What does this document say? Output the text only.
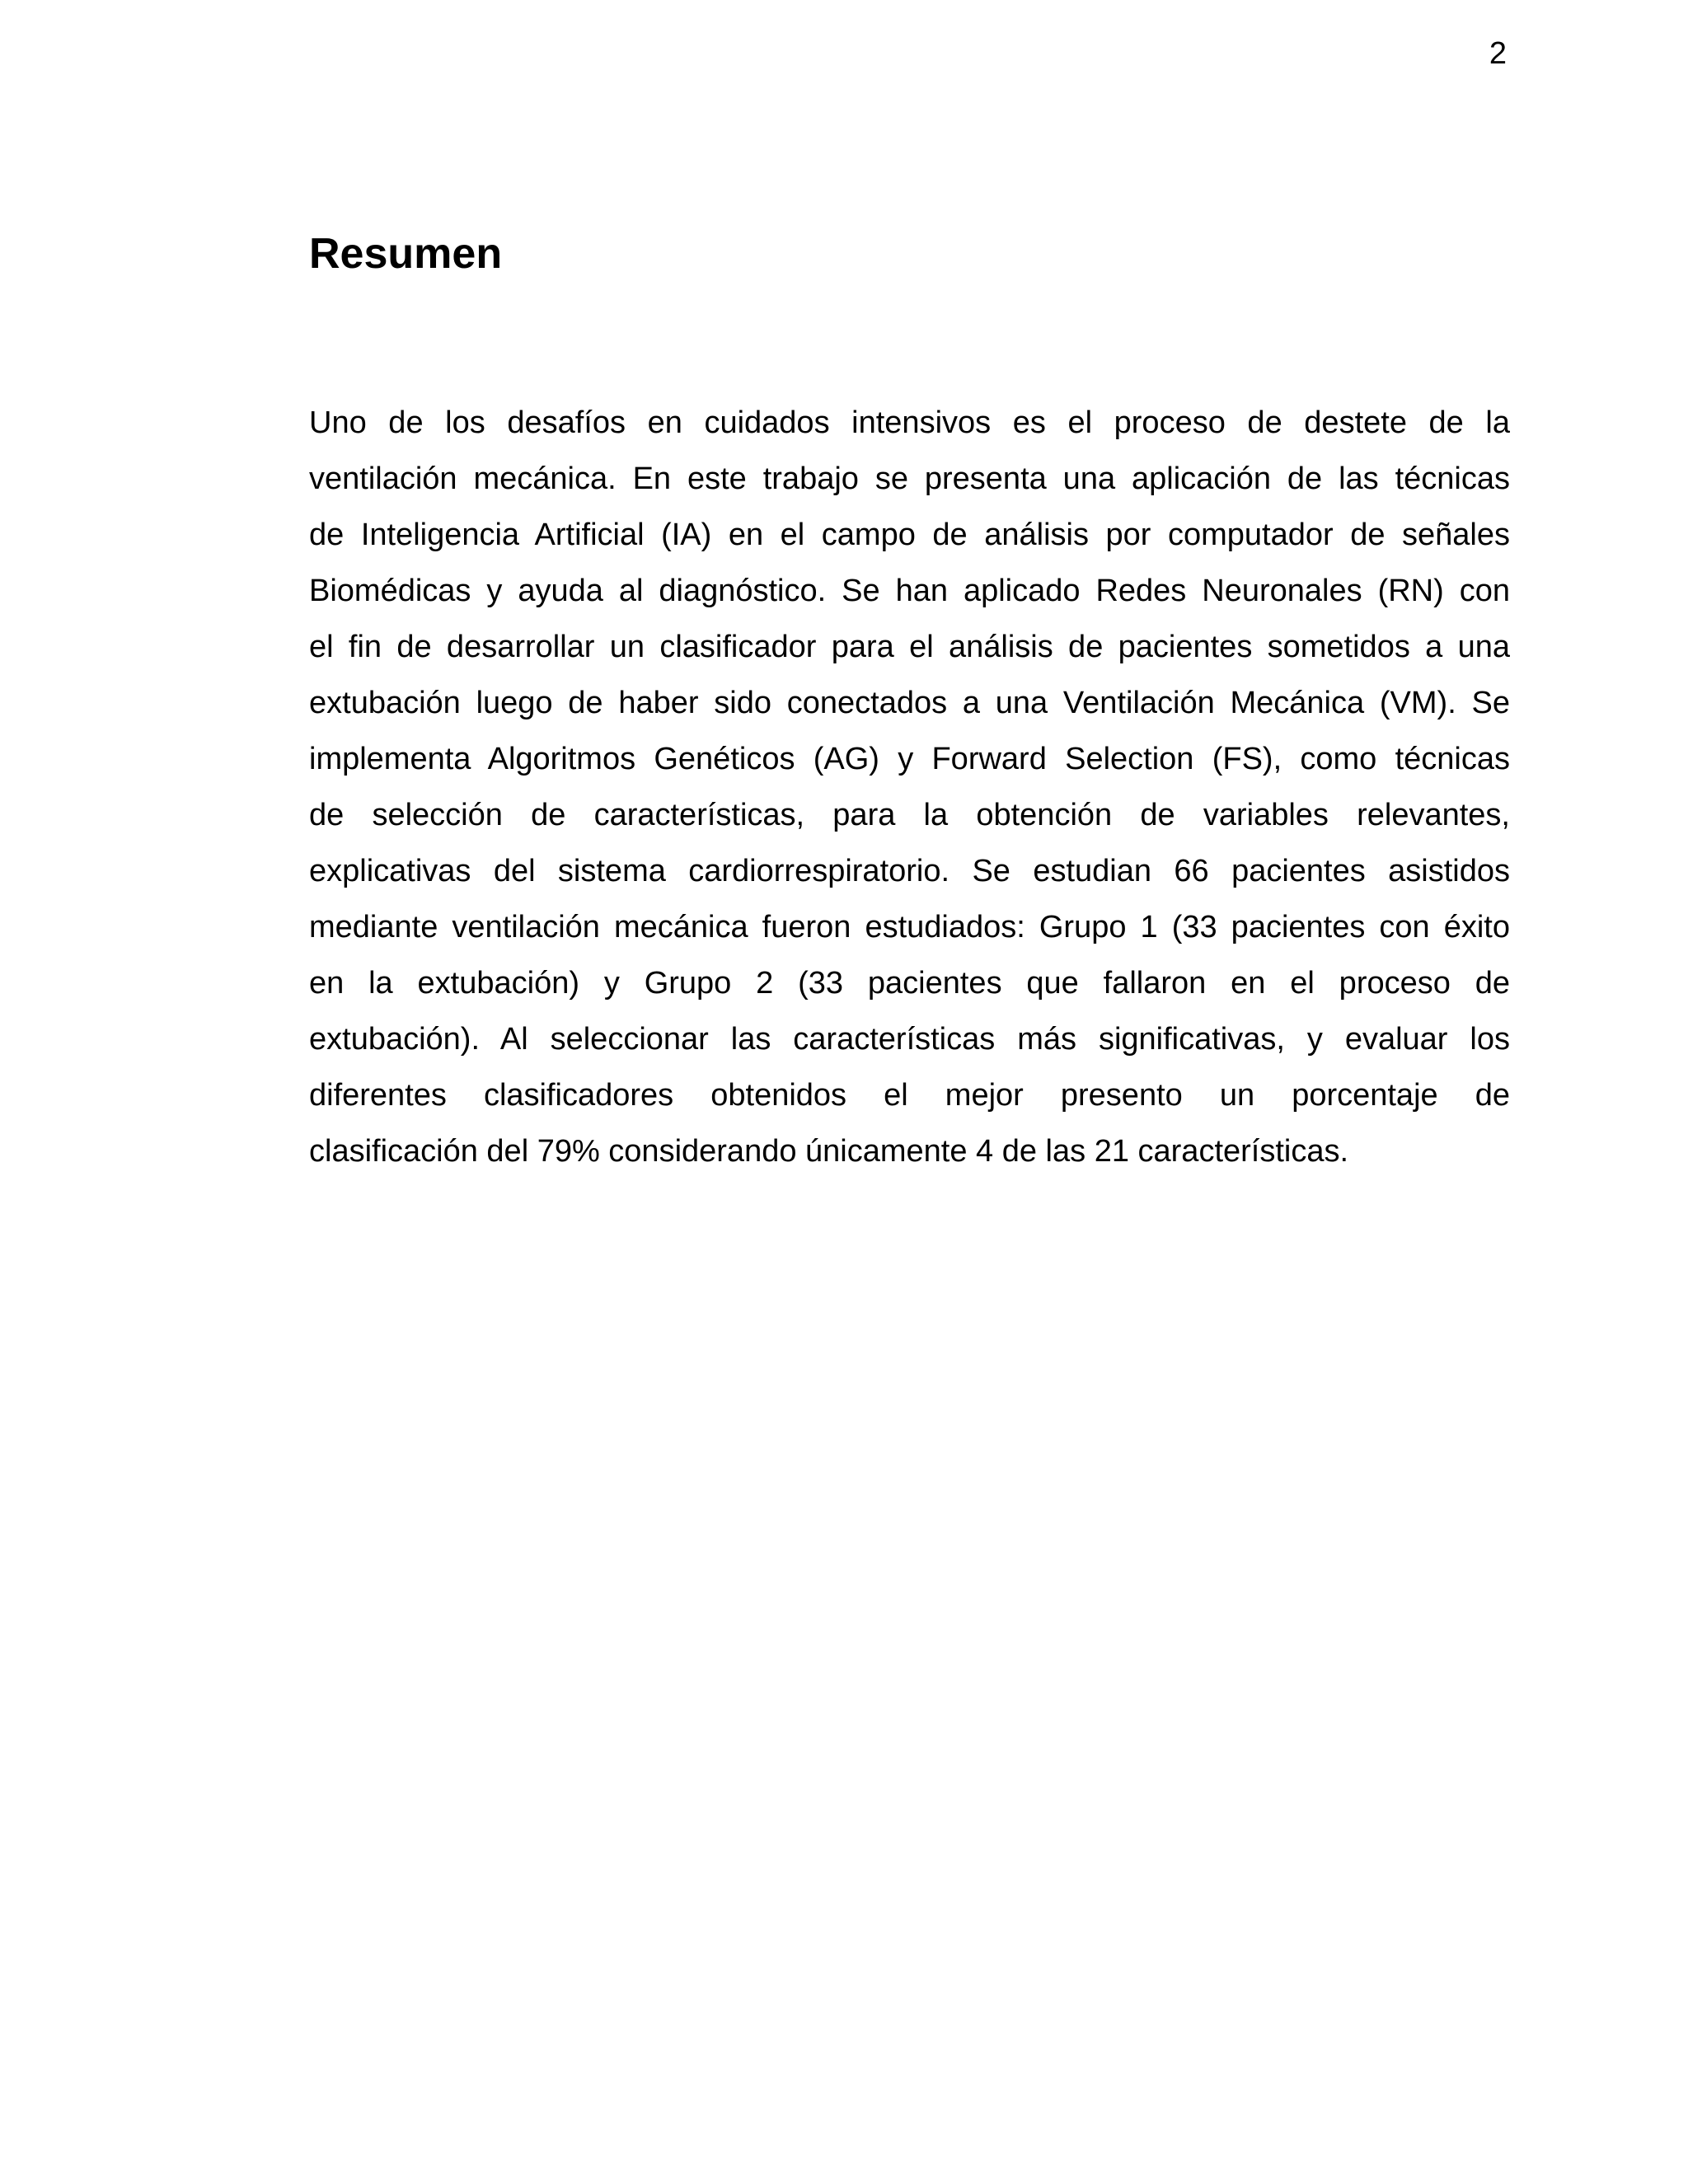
2
Resumen
Uno de los desafíos en cuidados intensivos es el proceso de destete de la
ventilación mecánica. En este trabajo se presenta una aplicación de las técnicas
de Inteligencia Artificial (IA) en el campo de análisis por computador de señales
Biomédicas y ayuda al diagnóstico. Se han aplicado Redes Neuronales (RN) con
el fin de desarrollar un clasificador para el análisis de pacientes sometidos a una
extubación luego de haber sido conectados a una Ventilación Mecánica (VM). Se
implementa Algoritmos Genéticos (AG) y Forward Selection (FS), como técnicas
de selección de características, para la obtención de variables relevantes,
explicativas del sistema cardiorrespiratorio. Se estudian 66 pacientes asistidos
mediante ventilación mecánica fueron estudiados: Grupo 1 (33 pacientes con éxito
en la extubación) y Grupo 2 (33 pacientes que fallaron en el proceso de
extubación). Al seleccionar las características más significativas, y evaluar los
diferentes clasificadores obtenidos el mejor presento un porcentaje de
clasificación del 79% considerando únicamente 4 de las 21 características.
